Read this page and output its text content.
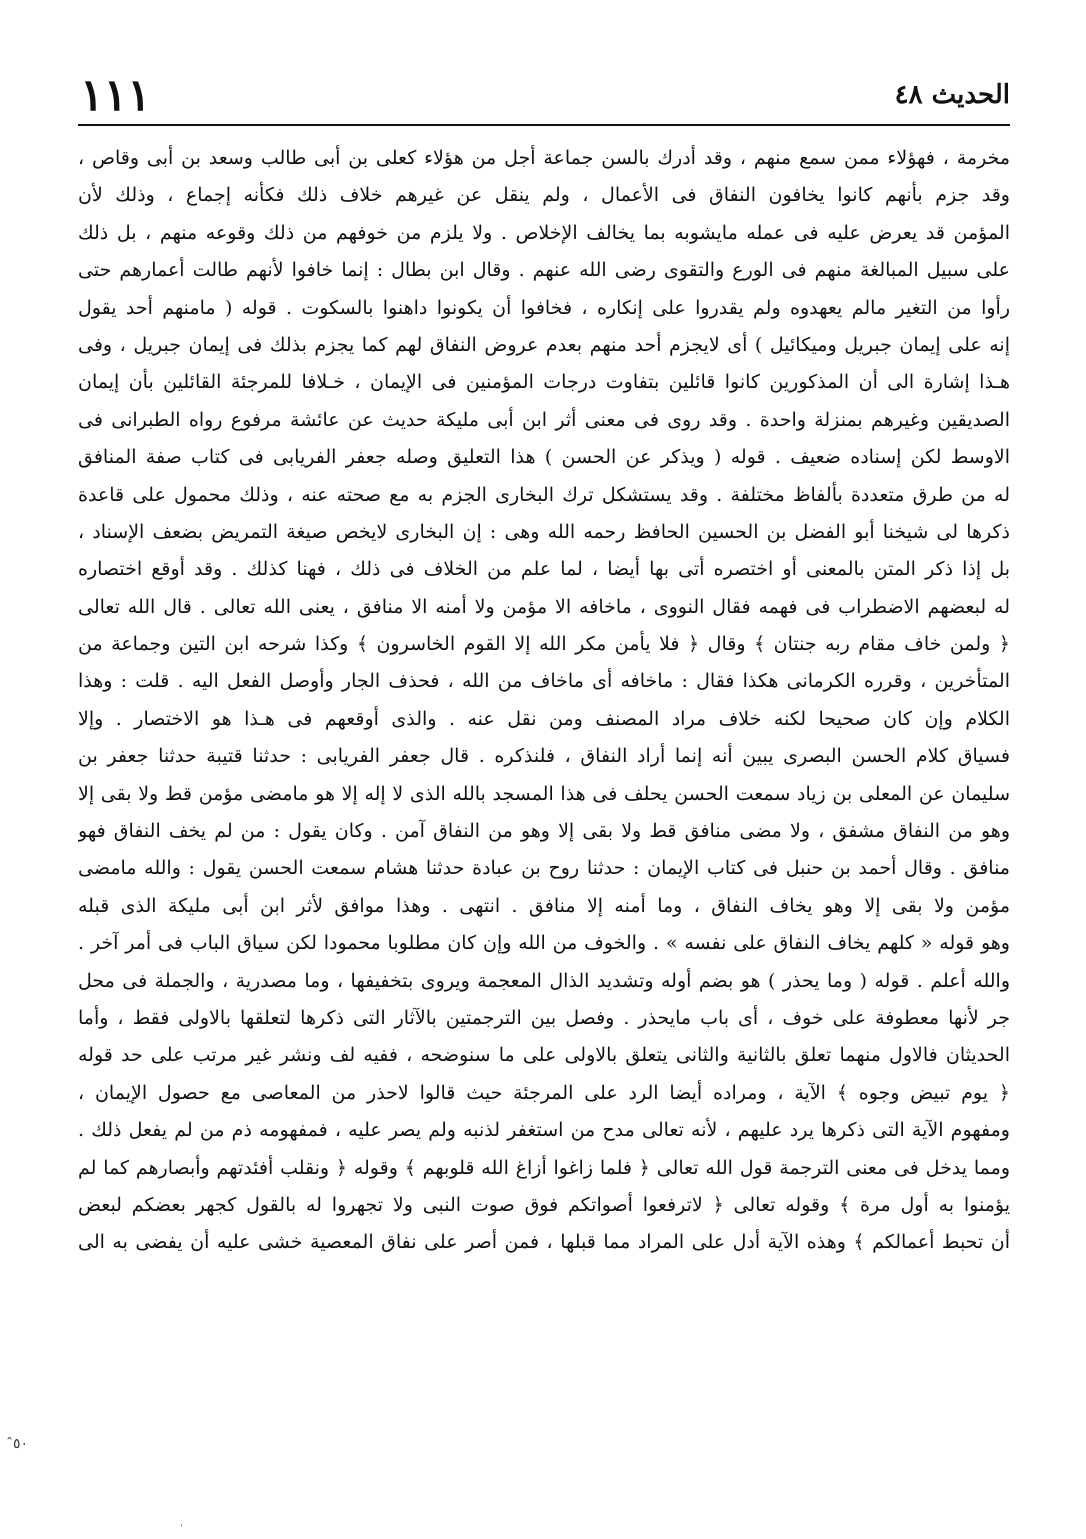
الحديث ٤٨
١١١
مخرمة ، فهؤلاء ممن سمع منهم ، وقد أدرك بالسن جماعة أجل من هؤلاء كعلى بن أبى طالب وسعد بن أبى وقاص ،
وقد جزم بأنهم كانوا يخافون النفاق فى الأعمال ، ولم ينقل عن غيرهم خلاف ذلك فكأنه إجماع ، وذلك لأن
المؤمن قد يعرض عليه فى عمله مايشوبه بما يخالف الإخلاص . ولا يلزم من خوفهم من ذلك وقوعه منهم ، بل ذلك
على سبيل المبالغة منهم فى الورع والتقوى رضى الله عنهم . وقال ابن بطال : إنما خافوا لأنهم طالت أعمارهم حتى
رأوا من التغير مالم يعهدوه ولم يقدروا على إنكاره ، فخافوا أن يكونوا داهنوا بالسكوت . قوله ( مامنهم أحد يقول
إنه على إيمان جبريل وميكائيل ) أى لايجزم أحد منهم بعدم عروض النفاق لهم كما يجزم بذلك فى إيمان جبريل ، وفى
هـذا إشارة الى أن المذكورين كانوا قائلين بتفاوت درجات المؤمنين فى الإيمان ، خـلافا للمرجئة القائلين بأن إيمان
الصديقين وغيرهم بمنزلة واحدة . وقد روى فى معنى أثر ابن أبى مليكة حديث عن عائشة مرفوع رواه الطبرانى فى
الاوسط لكن إسناده ضعيف . قوله ( ويذكر عن الحسن ) هذا التعليق وصله جعفر الفريابى فى كتاب صفة المنافق
له من طرق متعددة بألفاظ مختلفة . وقد يستشكل ترك البخارى الجزم به مع صحته عنه ، وذلك محمول على قاعدة
ذكرها لى شيخنا أبو الفضل بن الحسين الحافظ رحمه الله وهى : إن البخارى لايخص صيغة التمريض بضعف الإسناد ،
بل إذا ذكر المتن بالمعنى أو اختصره أتى بها أيضا ، لما علم من الخلاف فى ذلك ، فهنا كذلك . وقد أوقع اختصاره
له لبعضهم الاضطراب فى فهمه فقال النووى ، ماخافه الا مؤمن ولا أمنه الا منافق ، يعنى الله تعالى . قال الله تعالى
﴿ ولمن خاف مقام ربه جنتان ﴾ وقال ﴿ فلا يأمن مكر الله إلا القوم الخاسرون ﴾ وكذا شرحه ابن التين وجماعة من
المتأخرين ، وقرره الكرمانى هكذا فقال : ماخافه أى ماخاف من الله ، فحذف الجار وأوصل الفعل اليه . قلت : وهذا
الكلام وإن كان صحيحا لكنه خلاف مراد المصنف ومن نقل عنه . والذى أوقعهم فى هـذا هو الاختصار . وإلا
فسياق كلام الحسن البصرى يبين أنه إنما أراد النفاق ، فلنذكره . قال جعفر الفريابى : حدثنا قتيبة حدثنا جعفر بن
سليمان عن المعلى بن زياد سمعت الحسن يحلف فى هذا المسجد بالله الذى لا إله إلا هو مامضى مؤمن قط ولا بقى إلا
وهو من النفاق مشفق ، ولا مضى منافق قط ولا بقى إلا وهو من النفاق آمن . وكان يقول : من لم يخف النفاق فهو
منافق . وقال أحمد بن حنبل فى كتاب الإيمان : حدثنا روح بن عبادة حدثنا هشام سمعت الحسن يقول : والله مامضى
مؤمن ولا بقى إلا وهو يخاف النفاق ، وما أمنه إلا منافق . انتهى . وهذا موافق لأثر ابن أبى مليكة الذى قبله
وهو قوله « كلهم يخاف النفاق على نفسه » . والخوف من الله وإن كان مطلوبا محمودا لكن سياق الباب فى أمر آخر .
والله أعلم . قوله ( وما يحذر ) هو بضم أوله وتشديد الذال المعجمة ويروى بتخفيفها ، وما مصدرية ، والجملة فى محل
جر لأنها معطوفة على خوف ، أى باب مايحذر . وفصل بين الترجمتين بالآثار التى ذكرها لتعلقها بالاولى فقط ، وأما
الحديثان فالاول منهما تعلق بالثانية والثانى يتعلق بالاولى على ما سنوضحه ، ففيه لف ونشر غير مرتب على حد قوله
﴿ يوم تبيض وجوه ﴾ الآية ، ومراده أيضا الرد على المرجئة حيث قالوا لاحذر من المعاصى مع حصول الإيمان ،
ومفهوم الآية التى ذكرها يرد عليهم ، لأنه تعالى مدح من استغفر لذنبه ولم يصر عليه ، فمفهومه ذم من لم يفعل ذلك .
ومما يدخل فى معنى الترجمة قول الله تعالى ﴿ فلما زاغوا أزاغ الله قلوبهم ﴾ وقوله ﴿ ونقلب أفئدتهم وأبصارهم كما لم
يؤمنوا به أول مرة ﴾ وقوله تعالى ﴿ لاترفعوا أصواتكم فوق صوت النبى ولا تجهروا له بالقول كجهر بعضكم لبعض
أن تحبط أعمالكم ﴾ وهذه الآية أدل على المراد مما قبلها ، فمن أصر على نفاق المعصية خشى عليه أن يفضى به الى
ˆ٥٠
ˈ
